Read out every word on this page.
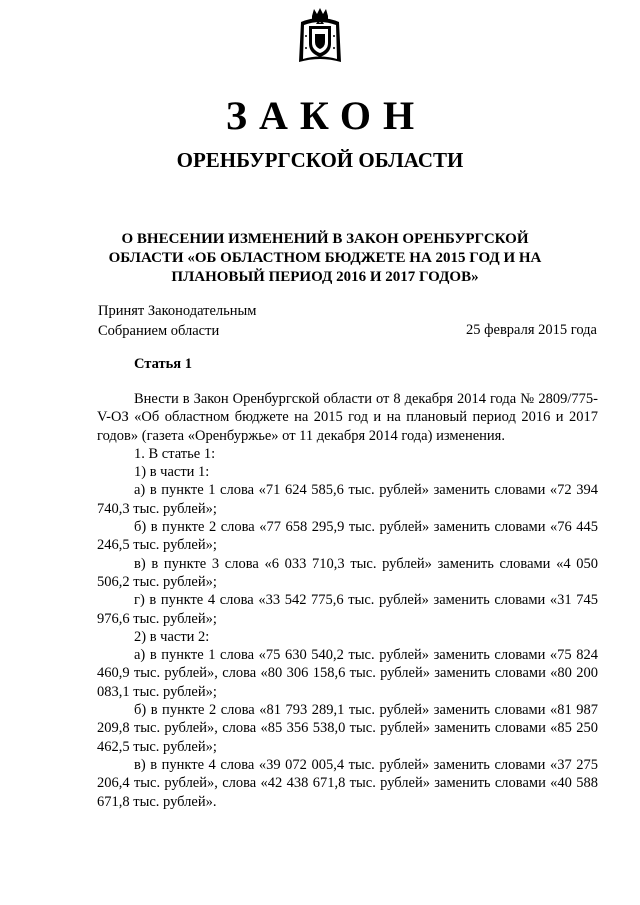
ЗАКОН
ОРЕНБУРГСКОЙ ОБЛАСТИ
О ВНЕСЕНИИ ИЗМЕНЕНИЙ В ЗАКОН ОРЕНБУРГСКОЙ ОБЛАСТИ «ОБ ОБЛАСТНОМ БЮДЖЕТЕ НА 2015 ГОД И НА ПЛАНОВЫЙ ПЕРИОД 2016 И 2017 ГОДОВ»
Принят Законодательным
Собранием области	25 февраля 2015 года
Статья 1

Внести в Закон Оренбургской области от 8 декабря 2014 года № 2809/775-V-ОЗ «Об областном бюджете на 2015 год и на плановый период 2016 и 2017 годов» (газета «Оренбуржье» от 11 декабря 2014 года) изменения.

1. В статье 1:

1) в части 1:

а) в пункте 1 слова «71 624 585,6 тыс. рублей» заменить словами «72 394 740,3 тыс. рублей»;

б) в пункте 2 слова «77 658 295,9 тыс. рублей» заменить словами «76 445 246,5 тыс. рублей»;

в) в пункте 3 слова «6 033 710,3 тыс. рублей» заменить словами «4 050 506,2 тыс. рублей»;

г) в пункте 4 слова «33 542 775,6 тыс. рублей» заменить словами «31 745 976,6 тыс. рублей»;

2) в части 2:

а) в пункте 1 слова «75 630 540,2 тыс. рублей» заменить словами «75 824 460,9 тыс. рублей», слова «80 306 158,6 тыс. рублей» заменить словами «80 200 083,1 тыс. рублей»;

б) в пункте 2 слова «81 793 289,1 тыс. рублей» заменить словами «81 987 209,8 тыс. рублей», слова «85 356 538,0 тыс. рублей» заменить словами «85 250 462,5 тыс. рублей»;

в) в пункте 4 слова «39 072 005,4 тыс. рублей» заменить словами «37 275 206,4 тыс. рублей», слова «42 438 671,8 тыс. рублей» заменить словами «40 588 671,8 тыс. рублей».
